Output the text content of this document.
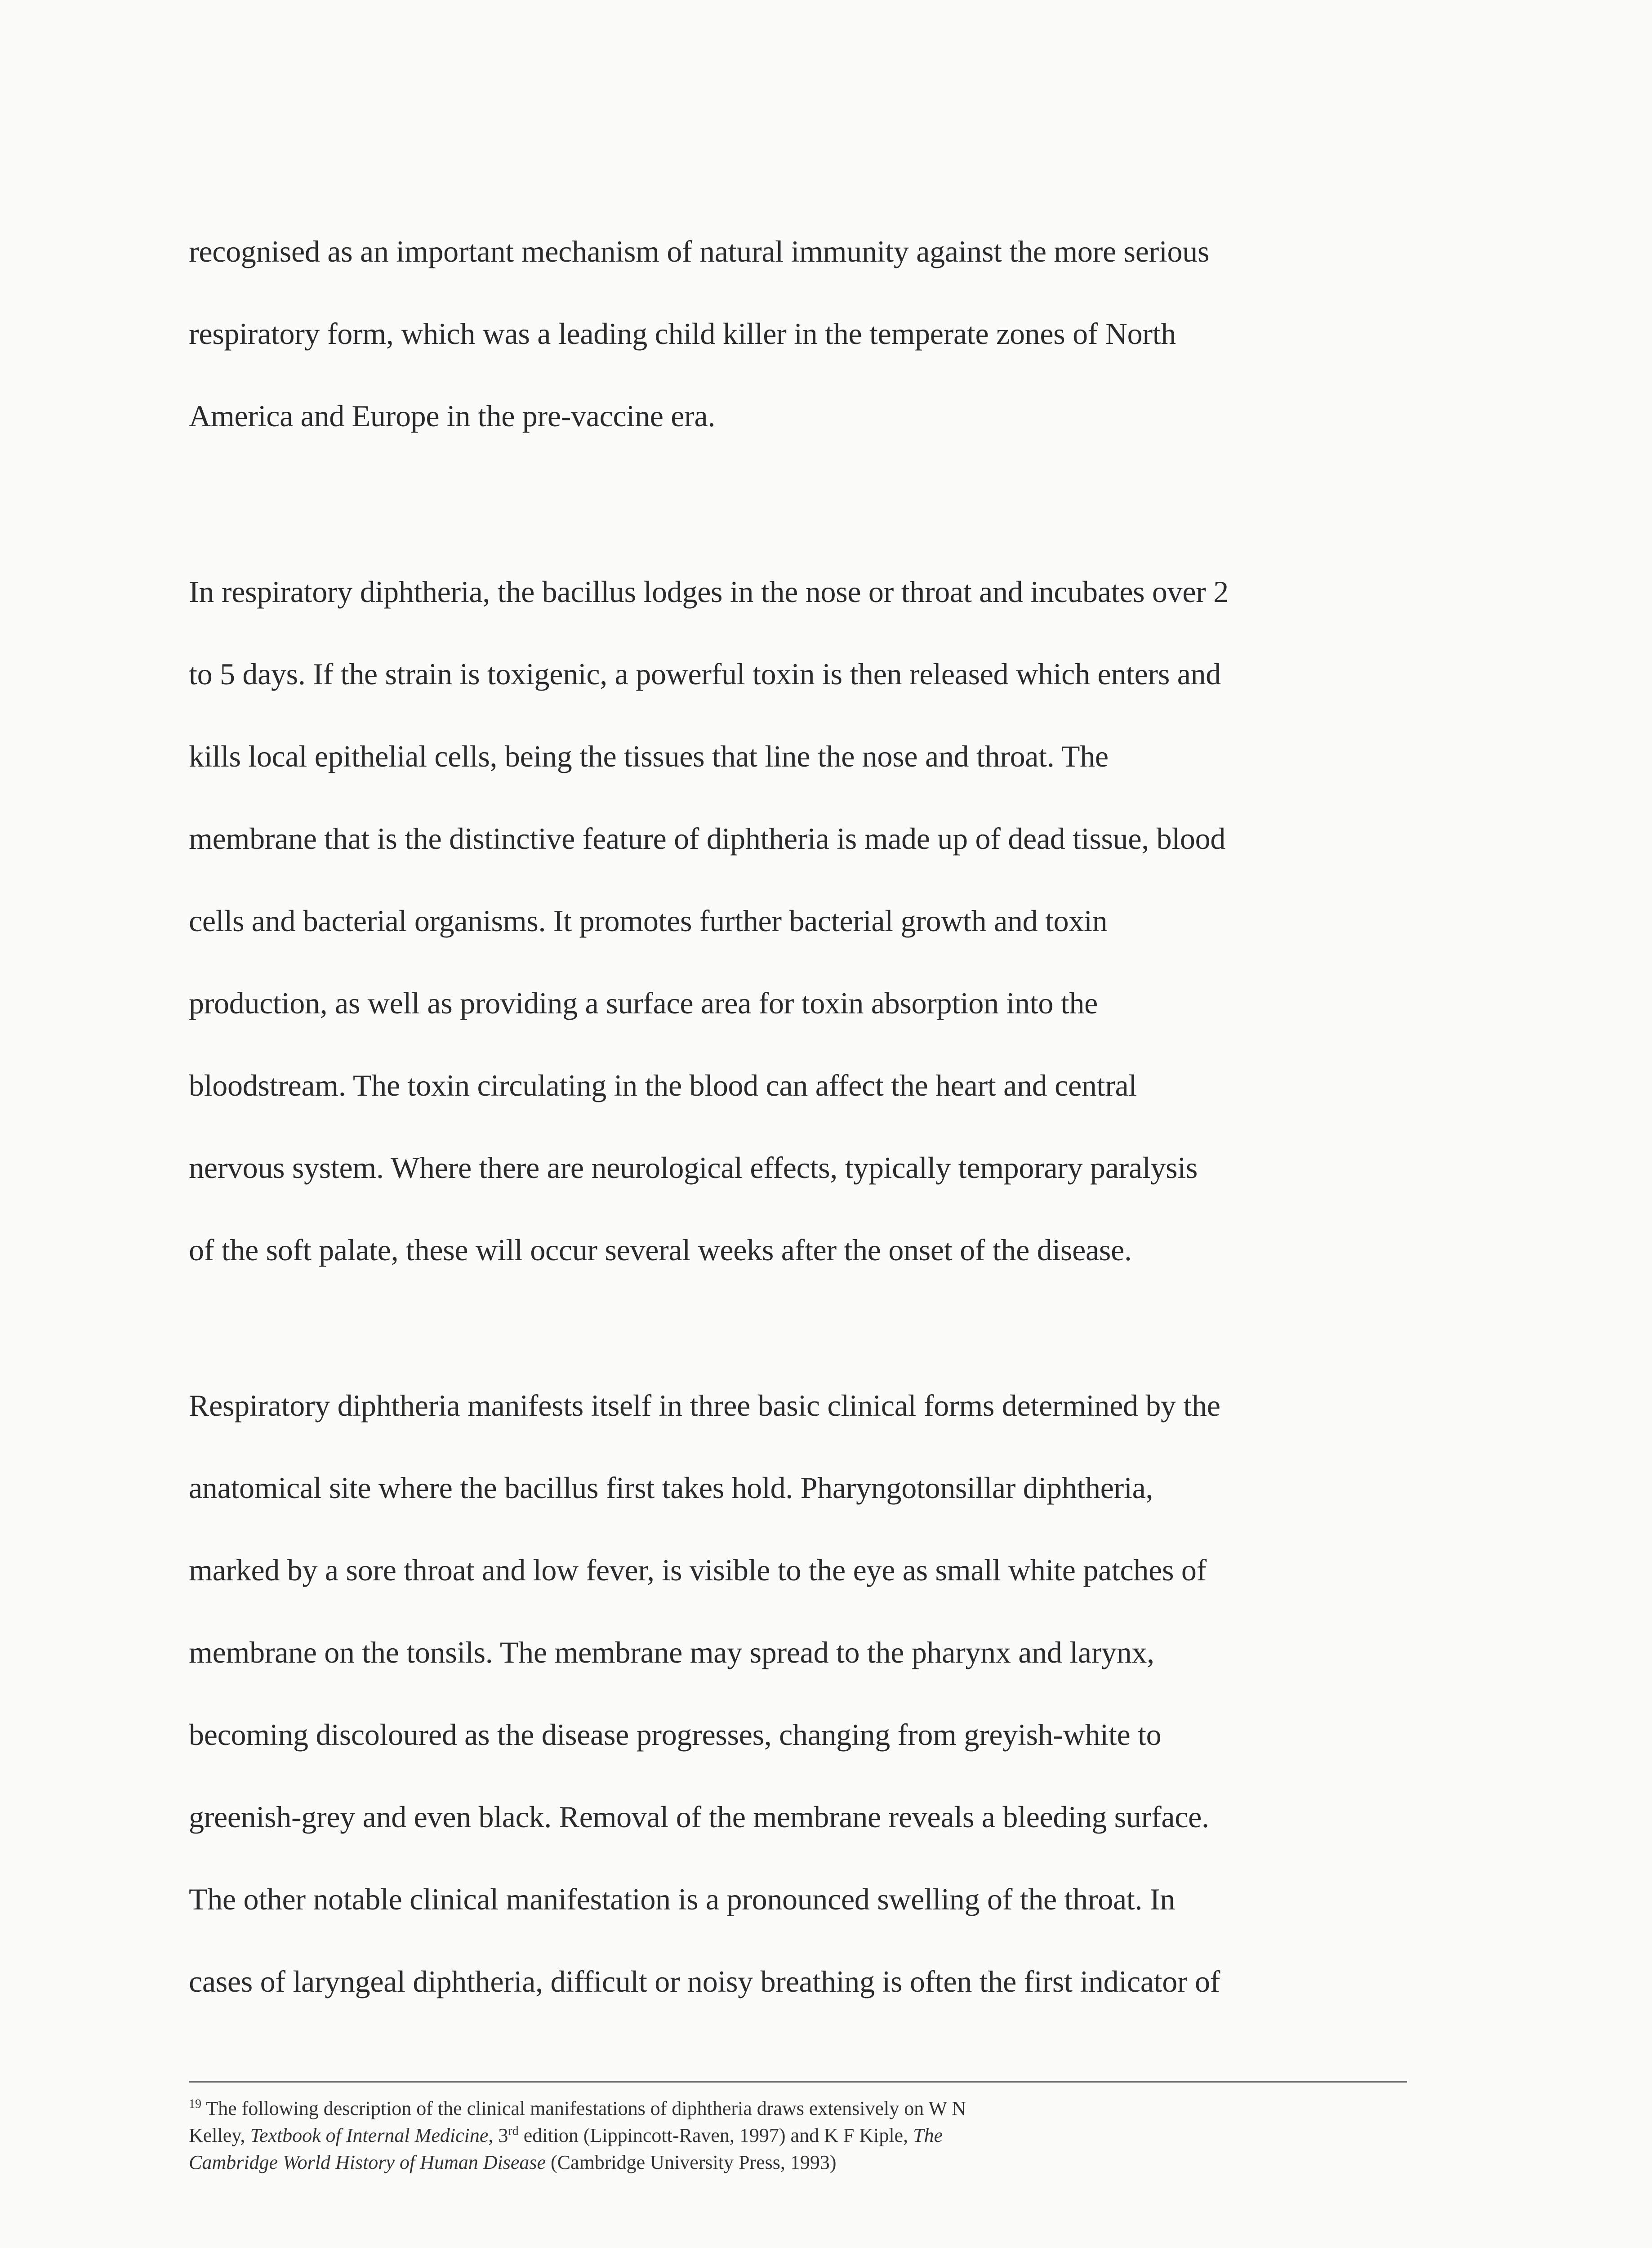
recognised as an important mechanism of natural immunity against the more serious
respiratory form, which was a leading child killer in the temperate zones of North
America and Europe in the pre-vaccine era.
In respiratory diphtheria, the bacillus lodges in the nose or throat and incubates over 2
to 5 days. If the strain is toxigenic, a powerful toxin is then released which enters and
kills local epithelial cells, being the tissues that line the nose and throat. The
membrane that is the distinctive feature of diphtheria is made up of dead tissue, blood
cells and bacterial organisms. It promotes further bacterial growth and toxin
production, as well as providing a surface area for toxin absorption into the
bloodstream. The toxin circulating in the blood can affect the heart and central
nervous system. Where there are neurological effects, typically temporary paralysis
of the soft palate, these will occur several weeks after the onset of the disease.
Respiratory diphtheria manifests itself in three basic clinical forms determined by the
anatomical site where the bacillus first takes hold. Pharyngotonsillar diphtheria,
marked by a sore throat and low fever, is visible to the eye as small white patches of
membrane on the tonsils. The membrane may spread to the pharynx and larynx,
becoming discoloured as the disease progresses, changing from greyish-white to
greenish-grey and even black. Removal of the membrane reveals a bleeding surface.
The other notable clinical manifestation is a pronounced swelling of the throat. In
cases of laryngeal diphtheria, difficult or noisy breathing is often the first indicator of
$^{19}$ The following description of the clinical manifestations of diphtheria draws extensively on W N
Kelley, Textbook of Internal Medicine, 3rd edition (Lippincott-Raven, 1997) and K F Kiple, The
Cambridge World History of Human Disease (Cambridge University Press, 1993)
